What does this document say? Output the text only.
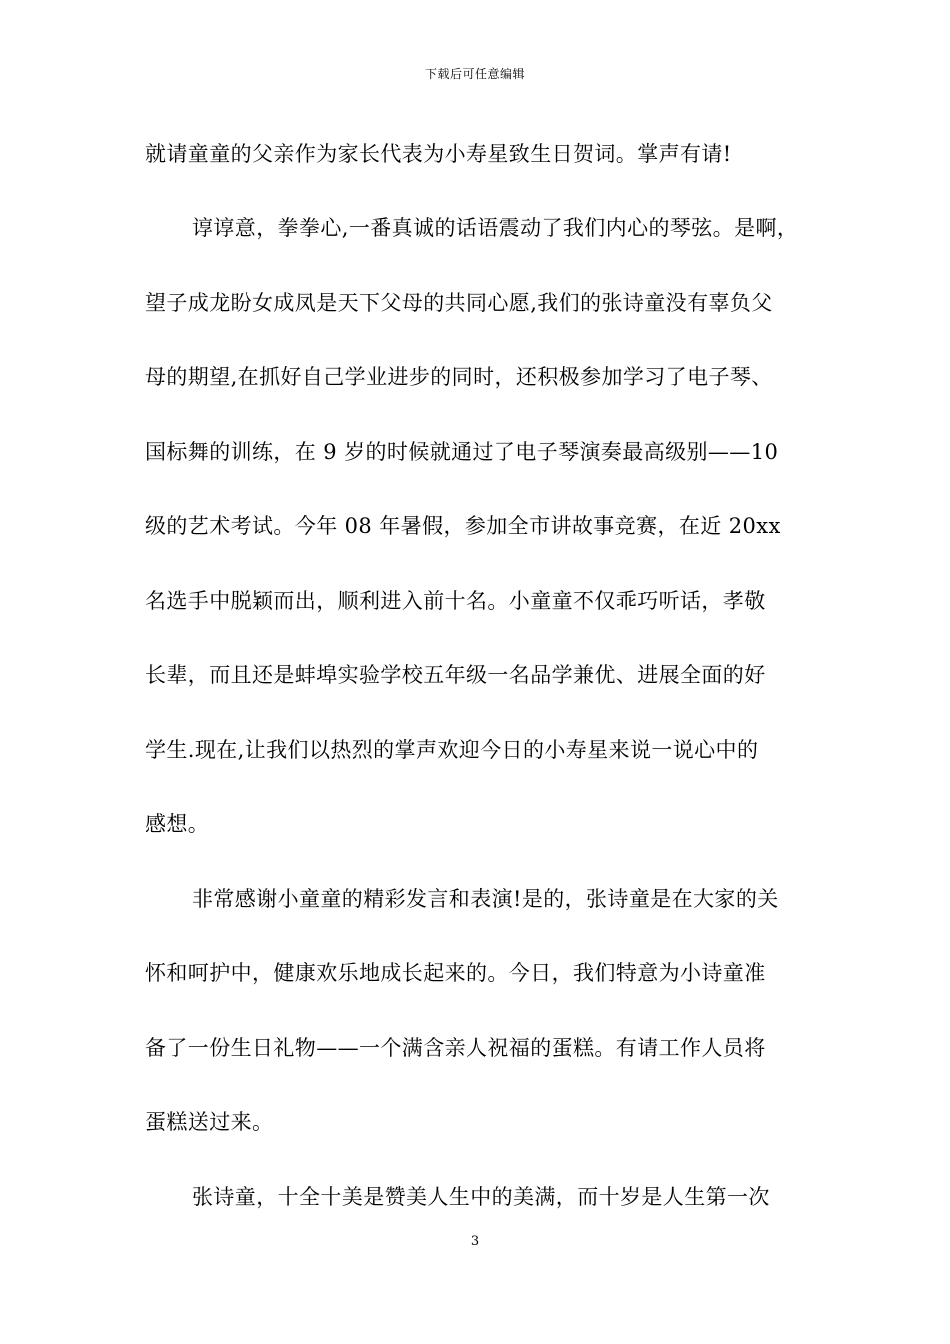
下载后可任意编辑
就请童童的父亲作为家长代表为小寿星致生日贺词。掌声有请!
谆谆意，拳拳心,一番真诚的话语震动了我们内心的琴弦。是啊，
望子成龙盼女成凤是天下父母的共同心愿,我们的张诗童没有辜负父
母的期望,在抓好自己学业进步的同时，还积极参加学习了电子琴、
国标舞的训练，在 9 岁的时候就通过了电子琴演奏最高级别——10
级的艺术考试。今年 08 年暑假，参加全市讲故事竞赛，在近 20xx
名选手中脱颖而出，顺利进入前十名。小童童不仅乖巧听话，孝敬
长辈，而且还是蚌埠实验学校五年级一名品学兼优、进展全面的好
学生.现在,让我们以热烈的掌声欢迎今日的小寿星来说一说心中的
感想。
非常感谢小童童的精彩发言和表演!是的，张诗童是在大家的关
怀和呵护中，健康欢乐地成长起来的。今日，我们特意为小诗童准
备了一份生日礼物——一个满含亲人祝福的蛋糕。有请工作人员将
蛋糕送过来。
张诗童，十全十美是赞美人生中的美满，而十岁是人生第一次
3
